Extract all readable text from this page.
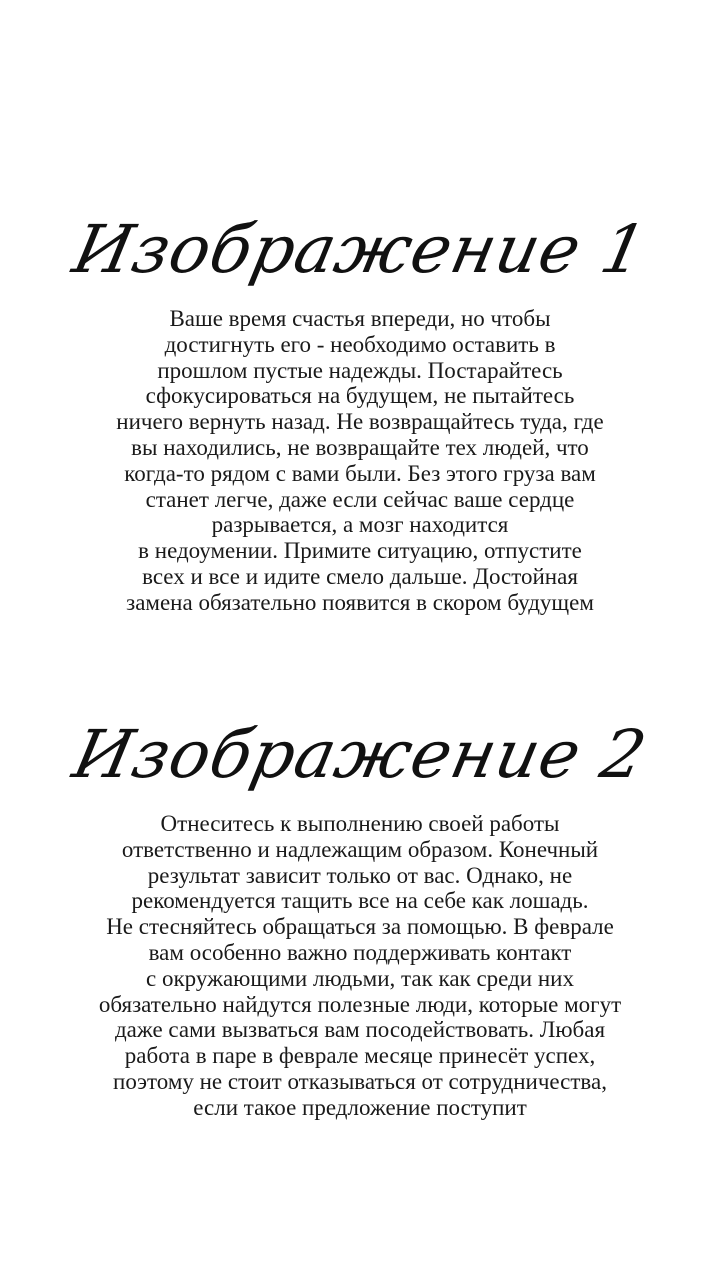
Изображение 1
Ваше время счастья впереди, но чтобы
достигнуть его - необходимо оставить в
прошлом пустые надежды. Постарайтесь
сфокусироваться на будущем, не пытайтесь
ничего вернуть назад. Не возвращайтесь туда, где
вы находились, не возвращайте тех людей, что
когда-то рядом с вами были. Без этого груза вам
станет легче, даже если сейчас ваше сердце
разрывается, а мозг находится
в недоумении. Примите ситуацию, отпустите
всех и все и идите смело дальше. Достойная
замена обязательно появится в скором будущем
Изображение 2
Отнеситесь к выполнению своей работы
ответственно и надлежащим образом. Конечный
результат зависит только от вас. Однако, не
рекомендуется тащить все на себе как лошадь.
Не стесняйтесь обращаться за помощью. В феврале
вам особенно важно поддерживать контакт
с окружающими людьми, так как среди них
обязательно найдутся полезные люди, которые могут
даже сами вызваться вам посодействовать. Любая
работа в паре в феврале месяце принесёт успех,
поэтому не стоит отказываться от сотрудничества,
если такое предложение поступит
